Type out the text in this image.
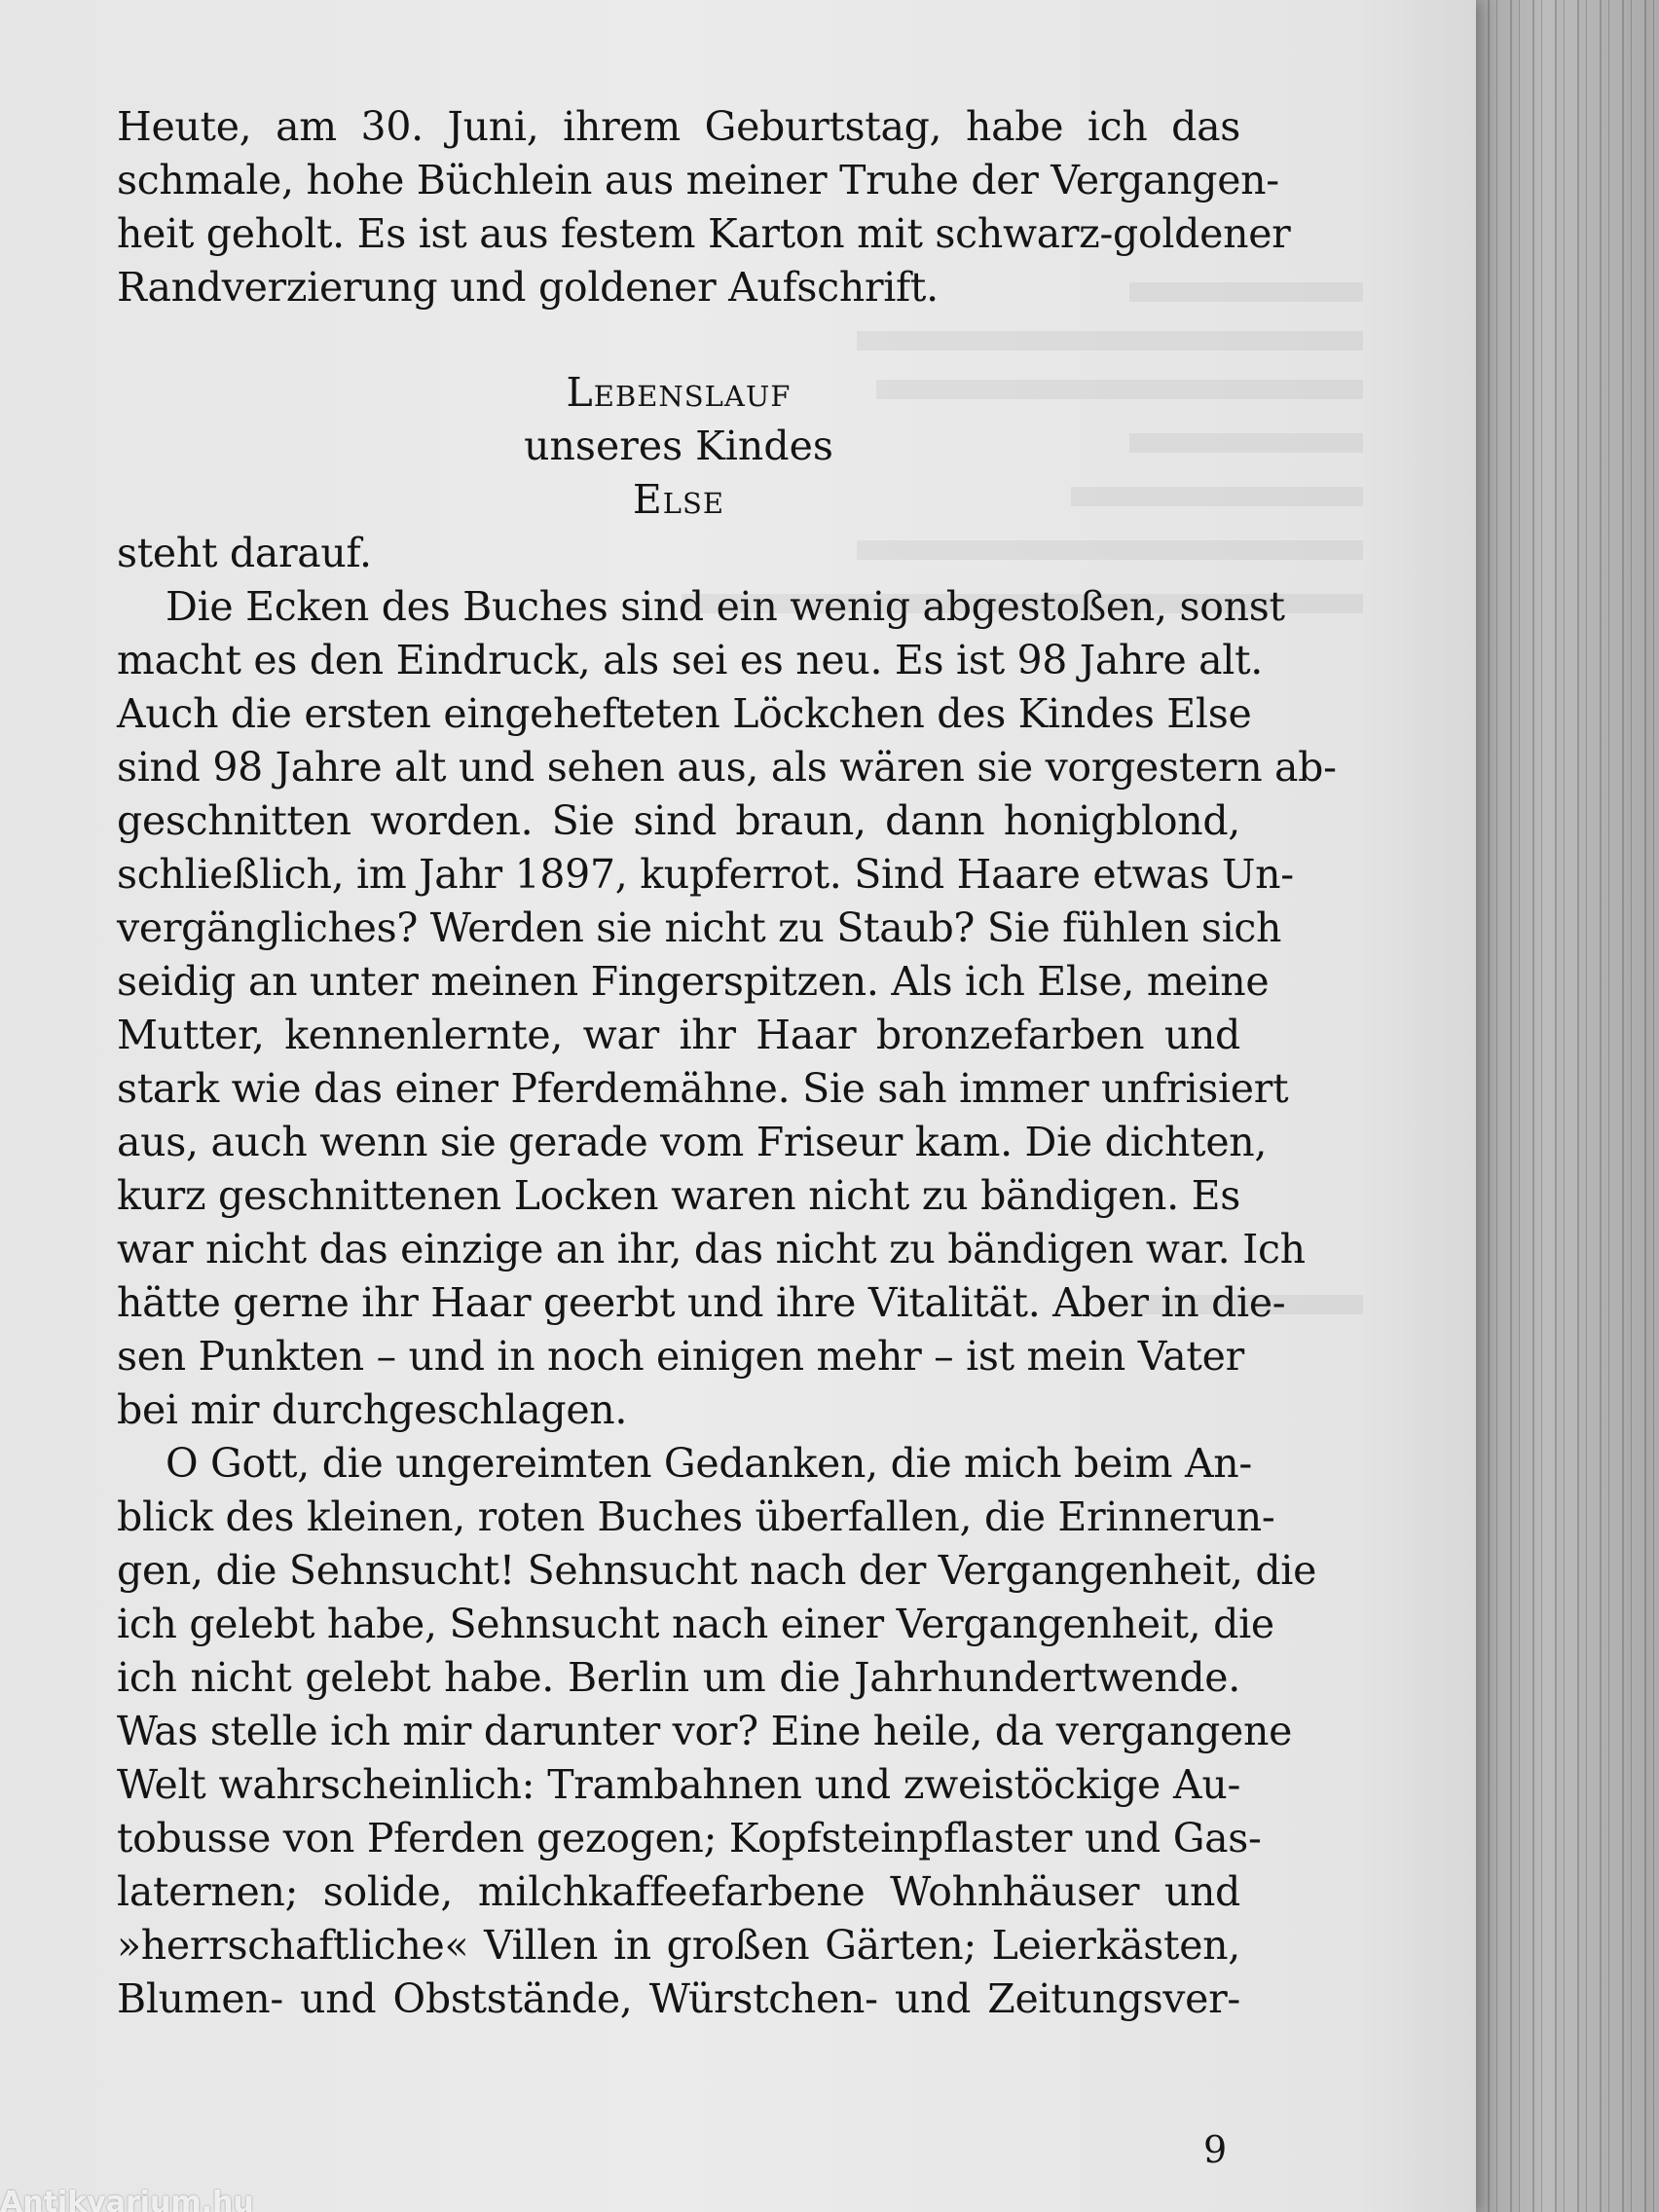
Heute, am 30. Juni, ihrem Geburtstag, habe ich das
schmale, hohe Büchlein aus meiner Truhe der Vergangen-
heit geholt. Es ist aus festem Karton mit schwarz-goldener
Randverzierung und goldener Aufschrift.
Lebenslauf
unseres Kindes
Else
steht darauf.
Die Ecken des Buches sind ein wenig abgestoßen, sonst
macht es den Eindruck, als sei es neu. Es ist 98 Jahre alt.
Auch die ersten eingehefteten Löckchen des Kindes Else
sind 98 Jahre alt und sehen aus, als wären sie vorgestern ab-
geschnitten worden. Sie sind braun, dann honigblond,
schließlich, im Jahr 1897, kupferrot. Sind Haare etwas Un-
vergängliches? Werden sie nicht zu Staub? Sie fühlen sich
seidig an unter meinen Fingerspitzen. Als ich Else, meine
Mutter, kennenlernte, war ihr Haar bronzefarben und
stark wie das einer Pferdemähne. Sie sah immer unfrisiert
aus, auch wenn sie gerade vom Friseur kam. Die dichten,
kurz geschnittenen Locken waren nicht zu bändigen. Es
war nicht das einzige an ihr, das nicht zu bändigen war. Ich
hätte gerne ihr Haar geerbt und ihre Vitalität. Aber in die-
sen Punkten – und in noch einigen mehr – ist mein Vater
bei mir durchgeschlagen.
O Gott, die ungereimten Gedanken, die mich beim An-
blick des kleinen, roten Buches überfallen, die Erinnerun-
gen, die Sehnsucht! Sehnsucht nach der Vergangenheit, die
ich gelebt habe, Sehnsucht nach einer Vergangenheit, die
ich nicht gelebt habe. Berlin um die Jahrhundertwende.
Was stelle ich mir darunter vor? Eine heile, da vergangene
Welt wahrscheinlich: Trambahnen und zweistöckige Au-
tobusse von Pferden gezogen; Kopfsteinpflaster und Gas-
laternen; solide, milchkaffeefarbene Wohnhäuser und
»herrschaftliche« Villen in großen Gärten; Leierkästen,
Blumen- und Obststände, Würstchen- und Zeitungsver-
9
Antikvarium.hu
